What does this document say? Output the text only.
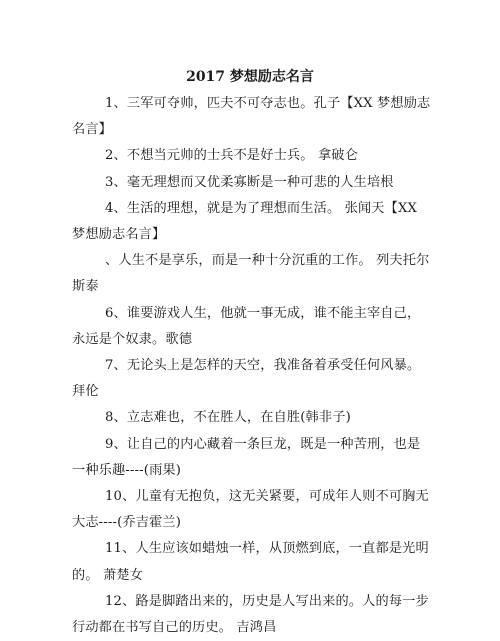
2017 梦想励志名言

1、三军可夺帅，匹夫不可夺志也。孔子【XX 梦想励志名言】

2、不想当元帅的士兵不是好士兵。 拿破仑

3、毫无理想而又优柔寡断是一种可悲的人生培根

4、生活的理想，就是为了理想而生活。 张闻天【XX 梦想励志名言】

、人生不是享乐，而是一种十分沉重的工作。 列夫托尔斯泰

6、谁要游戏人生，他就一事无成，谁不能主宰自己，永远是个奴隶。歌德

7、无论头上是怎样的天空，我准备着承受任何风暴。拜伦

8、立志难也，不在胜人，在自胜(韩非子)

9、让自己的内心藏着一条巨龙，既是一种苦刑，也是一种乐趣----(雨果)

10、儿童有无抱负，这无关紧要，可成年人则不可胸无大志----(乔吉霍兰)

11、人生应该如蜡烛一样，从顶燃到底，一直都是光明的。 萧楚女

12、路是脚踏出来的，历史是人写出来的。人的每一步行动都在书写自己的历史。 吉鸿昌
